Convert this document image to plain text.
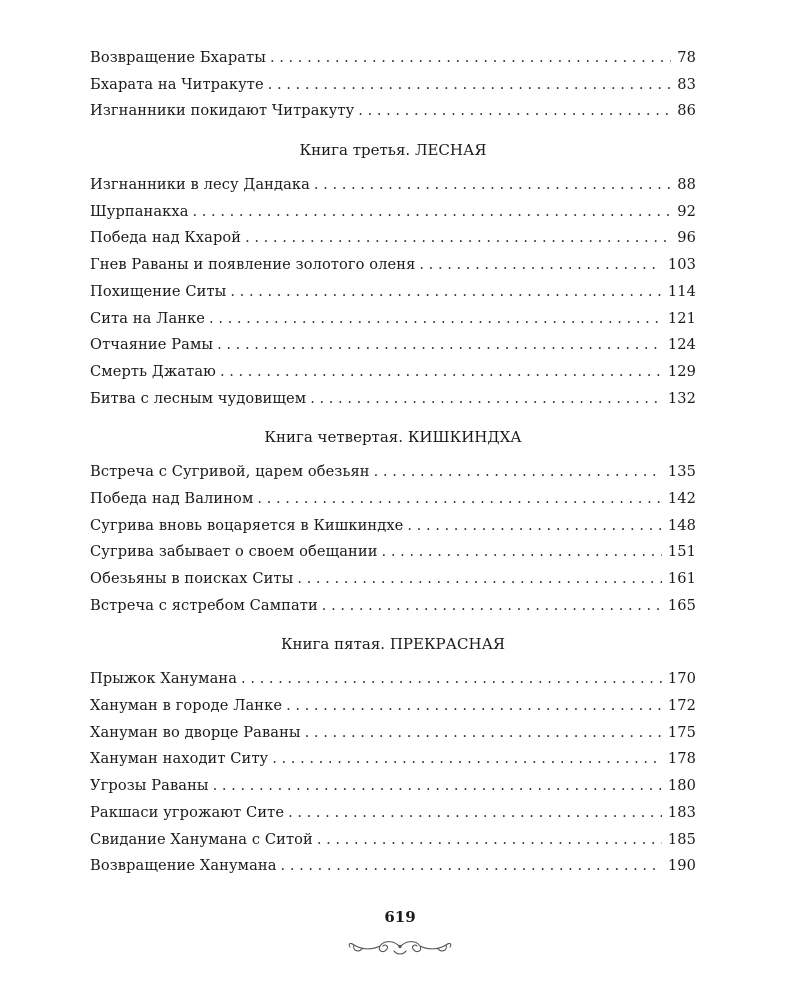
Возвращение Бхараты . . .	78
Бхарата на Читракуте . . .	83
Изгнанники покидают Читракуту . . .	86
Книга третья. ЛЕСНАЯ
Изгнанники в лесу Дандака . . .	88
Шурпанакха . . .	92
Победа над Кхарой . . .	96
Гнев Раваны и появление золотого оленя . . .	103
Похищение Ситы . . .	114
Сита на Ланке . . .	121
Отчаяние Рамы . . .	124
Смерть Джатаю . . .	129
Битва с лесным чудовищем . . .	132
Книга четвертая. КИШКИНДХА
Встреча с Сугривой, царем обезьян . . .	135
Победа над Валином . . .	142
Сугрива вновь воцаряется в Кишкиндхе . . .	148
Сугрива забывает о своем обещании . . .	151
Обезьяны в поисках Ситы . . .	161
Встреча с ястребом Сампати . . .	165
Книга пятая. ПРЕКРАСНАЯ
Прыжок Ханумана . . .	170
Хануман в городе Ланке . . .	172
Хануман во дворце Раваны . . .	175
Хануман находит Ситу . . .	178
Угрозы Раваны . . .	180
Ракшаси угрожают Сите . . .	183
Свидание Ханумана с Ситой . . .	185
Возвращение Ханумана . . .	190
619
